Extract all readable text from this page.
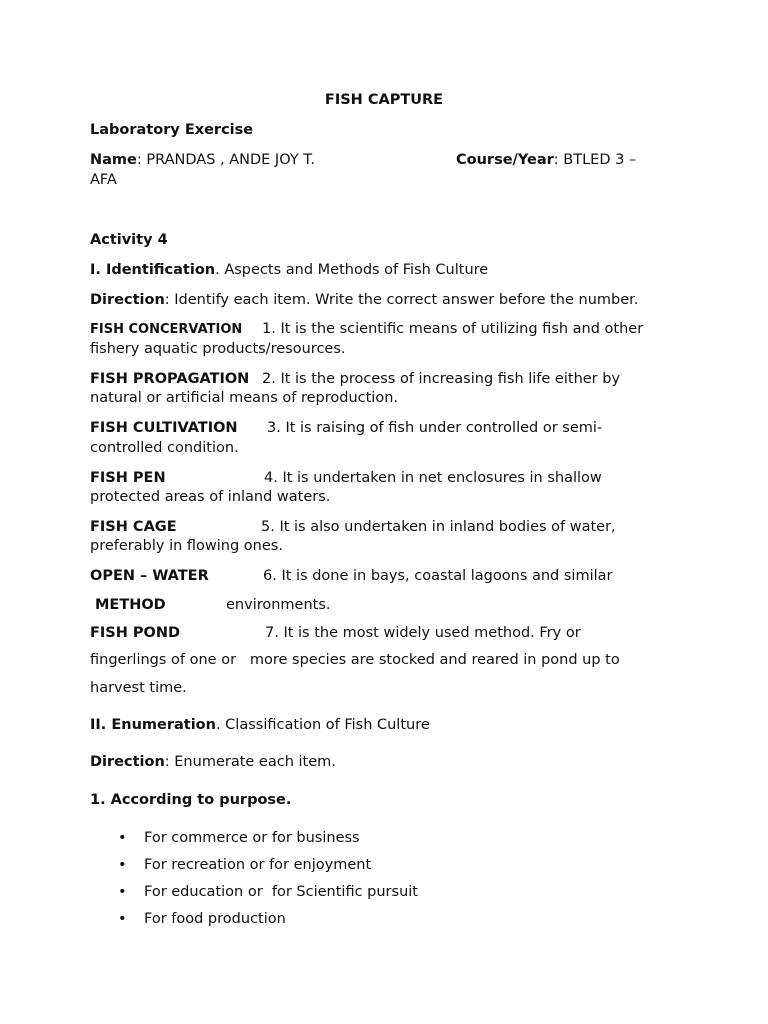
FISH CAPTURE
Laboratory Exercise
Name: PRANDAS , ANDE JOY T.	Course/Year: BTLED 3 –
AFA
Activity 4
I. Identification. Aspects and Methods of Fish Culture
Direction: Identify each item. Write the correct answer before the number.
FISH CONCERVATION 1. It is the scientific means of utilizing fish and other
fishery aquatic products/resources.
FISH PROPAGATION 2. It is the process of increasing fish life either by
natural or artificial means of reproduction.
FISH CULTIVATION 3. It is raising of fish under controlled or semi-
controlled condition.
FISH PEN	4. It is undertaken in net enclosures in shallow
protected areas of inland waters.
FISH CAGE	5. It is also undertaken in inland bodies of water,
preferably in flowing ones.
OPEN – WATER	6. It is done in bays, coastal lagoons and similar
METHOD	environments.
FISH POND	7. It is the most widely used method. Fry or
fingerlings of one or   more species are stocked and reared in pond up to
harvest time.
II. Enumeration. Classification of Fish Culture
Direction: Enumerate each item.
1. According to purpose.
• For commerce or for business
• For recreation or for enjoyment
• For education or  for Scientific pursuit
• For food production
